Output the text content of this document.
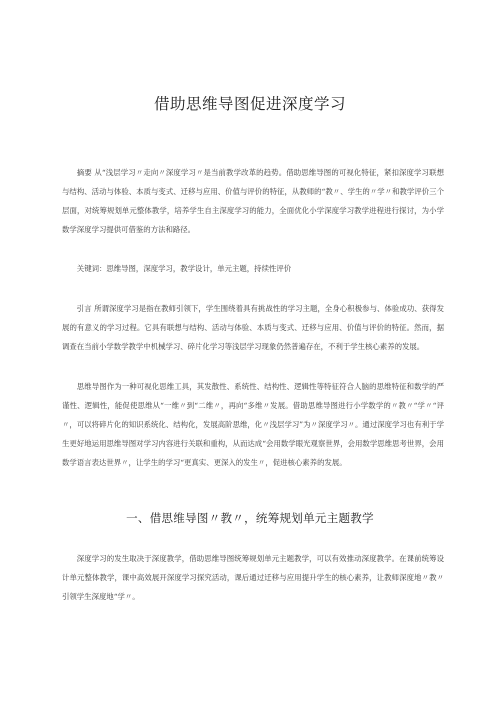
借助思维导图促进深度学习

摘要 从“浅层学习〃走向〃深度学习〃是当前教学改革的趋势。借助思维导图的可视化特征，紧扣深度学习联想与结构、活动与体验、本质与变式、迁移与应用、价值与评价的特征，从教师的“教〃、学生的〃学〃和教学评价三个层面，对统筹规划单元整体教学，培养学生自主深度学习的能力，全面优化小学深度学习教学进程进行探讨，为小学数学深度学习提供可借鉴的方法和路径。

关键词：思维导图，深度学习，教学设计，单元主题，持续性评价

引言 所谓深度学习是指在教师引领下，学生围绕着具有挑战性的学习主题，全身心积极参与、体验成功、获得发展的有意义的学习过程。它具有联想与结构、活动与体验、本质与变式、迁移与应用、价值与评价的特征。然而，据调查在当前小学数学教学中机械学习、碎片化学习等浅层学习现象仍然普遍存在，不利于学生核心素养的发展。

思维导图作为一种可视化思维工具，其发散性、系统性、结构性、逻辑性等特征符合人脑的思维特征和数学的严谨性、逻辑性，能促使思维从“一维〃到“二维〃，再向“多维〃发展。借助思维导图进行小学数学的〃教〃“学〃“评〃，可以将碎片化的知识系统化、结构化，发展高阶思维，化〃浅层学习”为〃深度学习〃。通过深度学习也有利于学生更好地运用思维导图对学习内容进行关联和重构，从而达成“会用数学眼光观察世界，会用数学思维思考世界，会用数学语言表达世界〃，让学生的学习“更真实、更深入的发生〃，促进核心素养的发展。

一、借思维导图〃教〃，统筹规划单元主题教学

深度学习的发生取决于深度教学，借助思维导图统筹规划单元主题教学，可以有效推动深度教学。在课前统筹设计单元整体教学，课中高效展开深度学习探究活动，课后通过迁移与应用提升学生的核心素养，让教师深度地〃教〃引领学生深度地“学〃。
